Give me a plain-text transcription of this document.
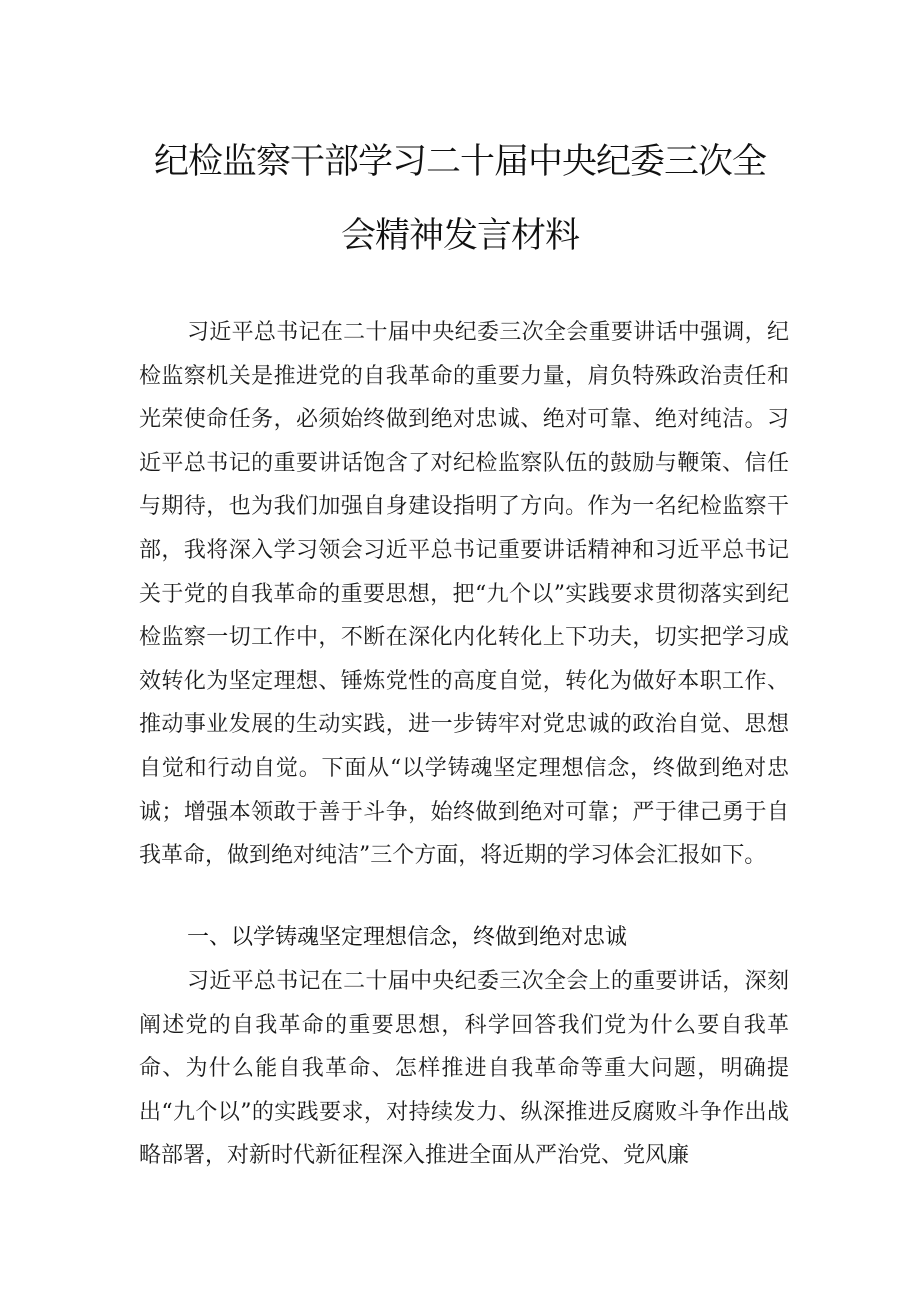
纪检监察干部学习二十届中央纪委三次全
会精神发言材料

习近平总书记在二十届中央纪委三次全会重要讲话中强调，纪检监察机关是推进党的自我革命的重要力量，肩负特殊政治责任和光荣使命任务，必须始终做到绝对忠诚、绝对可靠、绝对纯洁。习近平总书记的重要讲话饱含了对纪检监察队伍的鼓励与鞭策、信任与期待，也为我们加强自身建设指明了方向。作为一名纪检监察干部，我将深入学习领会习近平总书记重要讲话精神和习近平总书记关于党的自我革命的重要思想，把“九个以”实践要求贯彻落实到纪检监察一切工作中，不断在深化内化转化上下功夫，切实把学习成效转化为坚定理想、锤炼党性的高度自觉，转化为做好本职工作、推动事业发展的生动实践，进一步铸牢对党忠诚的政治自觉、思想自觉和行动自觉。下面从“以学铸魂坚定理想信念，终做到绝对忠诚；增强本领敢于善于斗争，始终做到绝对可靠；严于律己勇于自我革命，做到绝对纯洁”三个方面，将近期的学习体会汇报如下。

一、以学铸魂坚定理想信念，终做到绝对忠诚

习近平总书记在二十届中央纪委三次全会上的重要讲话，深刻阐述党的自我革命的重要思想，科学回答我们党为什么要自我革命、为什么能自我革命、怎样推进自我革命等重大问题，明确提出“九个以”的实践要求，对持续发力、纵深推进反腐败斗争作出战略部署，对新时代新征程深入推进全面从严治党、党风廉
